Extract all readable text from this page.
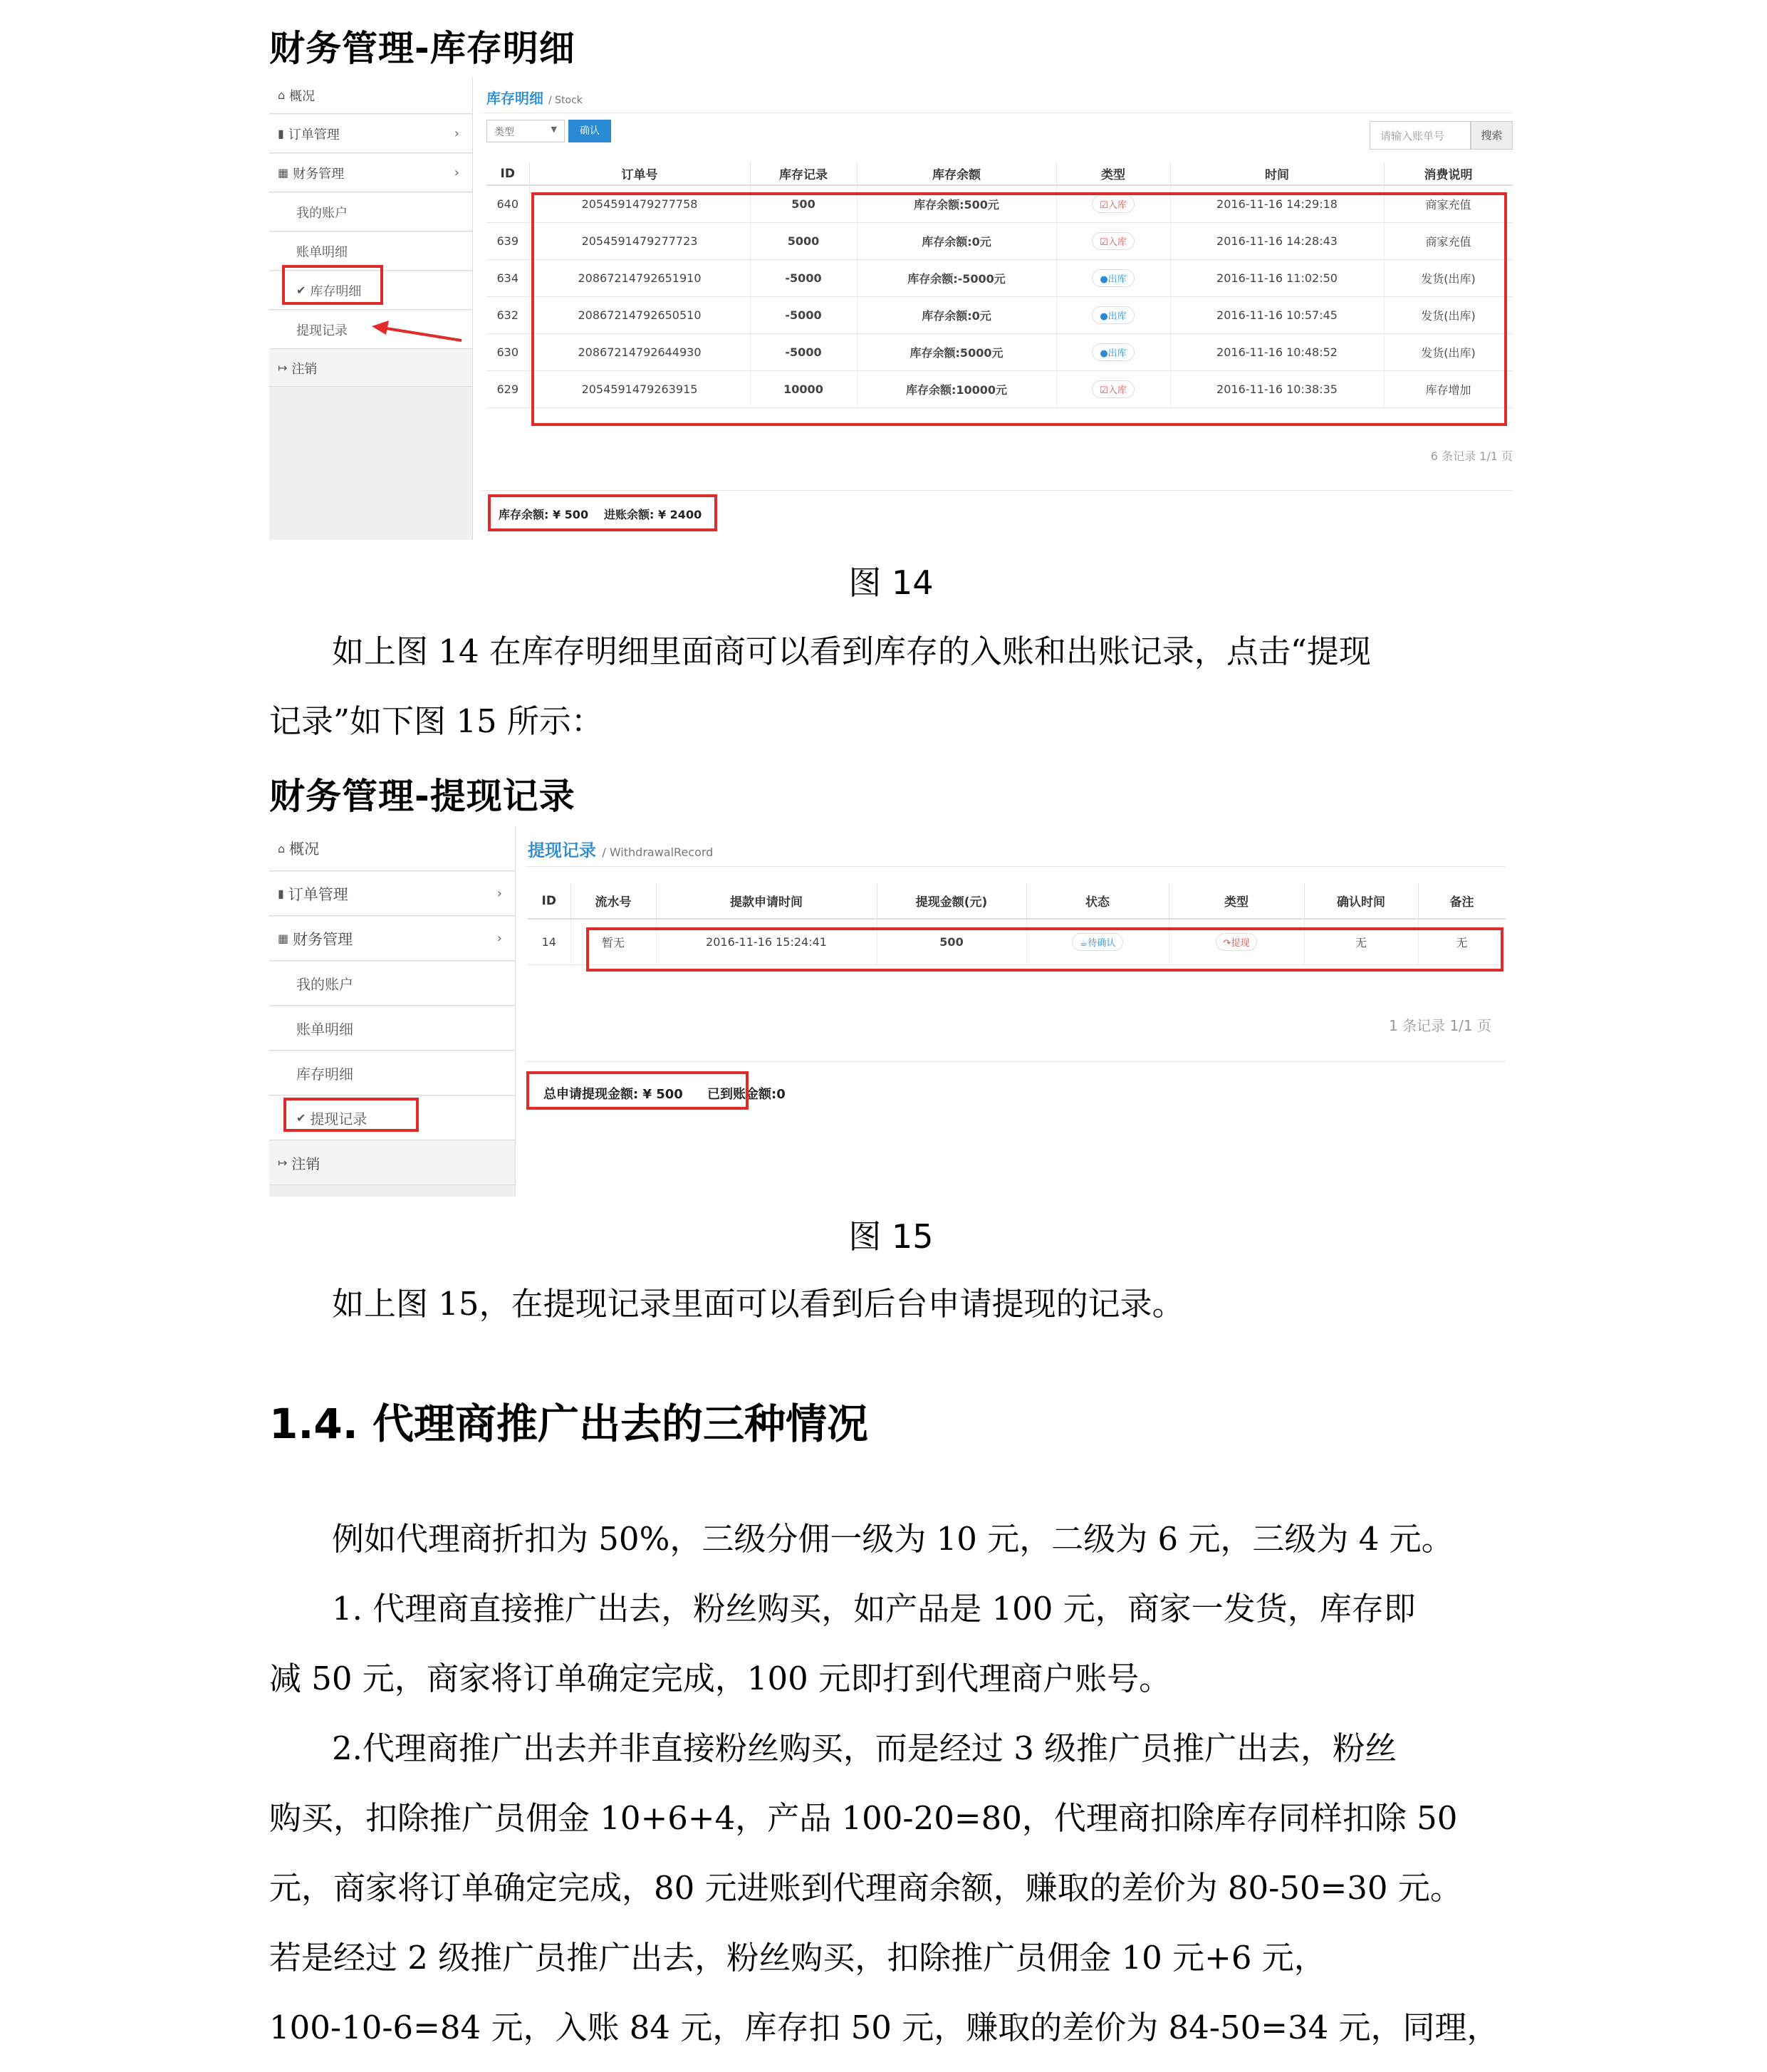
财务管理-库存明细
⌂ 概况
▮ 订单管理	›
▦ 财务管理	›
我的账户
账单明细
✔ 库存明细
提现记录
↦ 注销
库存明细 / Stock
类型	▼	确认	请输入账单号	搜索
ID	订单号	库存记录	库存余额	类型	时间	消费说明
640	2054591479277758	500	库存余额:500元	☑入库	2016-11-16 14:29:18	商家充值
639	2054591479277723	5000	库存余额:0元	☑入库	2016-11-16 14:28:43	商家充值
634	20867214792651910	-5000	库存余额:-5000元	●出库	2016-11-16 11:02:50	发货(出库)
632	20867214792650510	-5000	库存余额:0元	●出库	2016-11-16 10:57:45	发货(出库)
630	20867214792644930	-5000	库存余额:5000元	●出库	2016-11-16 10:48:52	发货(出库)
629	2054591479263915	10000	库存余额:10000元	☑入库	2016-11-16 10:38:35	库存增加
6 条记录 1/1 页
库存余额: ¥ 500 进账余额: ¥ 2400
图 14
如上图 14 在库存明细里面商可以看到库存的入账和出账记录，点击“提现
记录”如下图 15 所示：
财务管理-提现记录
⌂ 概况
▮ 订单管理	›
▦ 财务管理	›
我的账户
账单明细
库存明细
✔ 提现记录
↦ 注销
提现记录 / WithdrawalRecord
ID	流水号	提款申请时间	提现金额(元)	状态	类型	确认时间	备注
14	暂无	2016-11-16 15:24:41	500	☕待确认	↷提现	无	无
1 条记录 1/1 页
总申请提现金额: ¥ 500 已到账金额:0
图 15
如上图 15，在提现记录里面可以看到后台申请提现的记录。
1.4. 代理商推广出去的三种情况
例如代理商折扣为 50%，三级分佣一级为 10 元，二级为 6 元，三级为 4 元。
1. 代理商直接推广出去，粉丝购买，如产品是 100 元，商家一发货，库存即
减 50 元，商家将订单确定完成，100 元即打到代理商户账号。
2.代理商推广出去并非直接粉丝购买，而是经过 3 级推广员推广出去，粉丝
购买，扣除推广员佣金 10+6+4，产品 100-20=80，代理商扣除库存同样扣除 50
元，商家将订单确定完成，80 元进账到代理商余额，赚取的差价为 80-50=30 元。
若是经过 2 级推广员推广出去，粉丝购买，扣除推广员佣金 10 元+6 元，
100-10-6=84 元，入账 84 元，库存扣 50 元，赚取的差价为 84-50=34 元，同理，
